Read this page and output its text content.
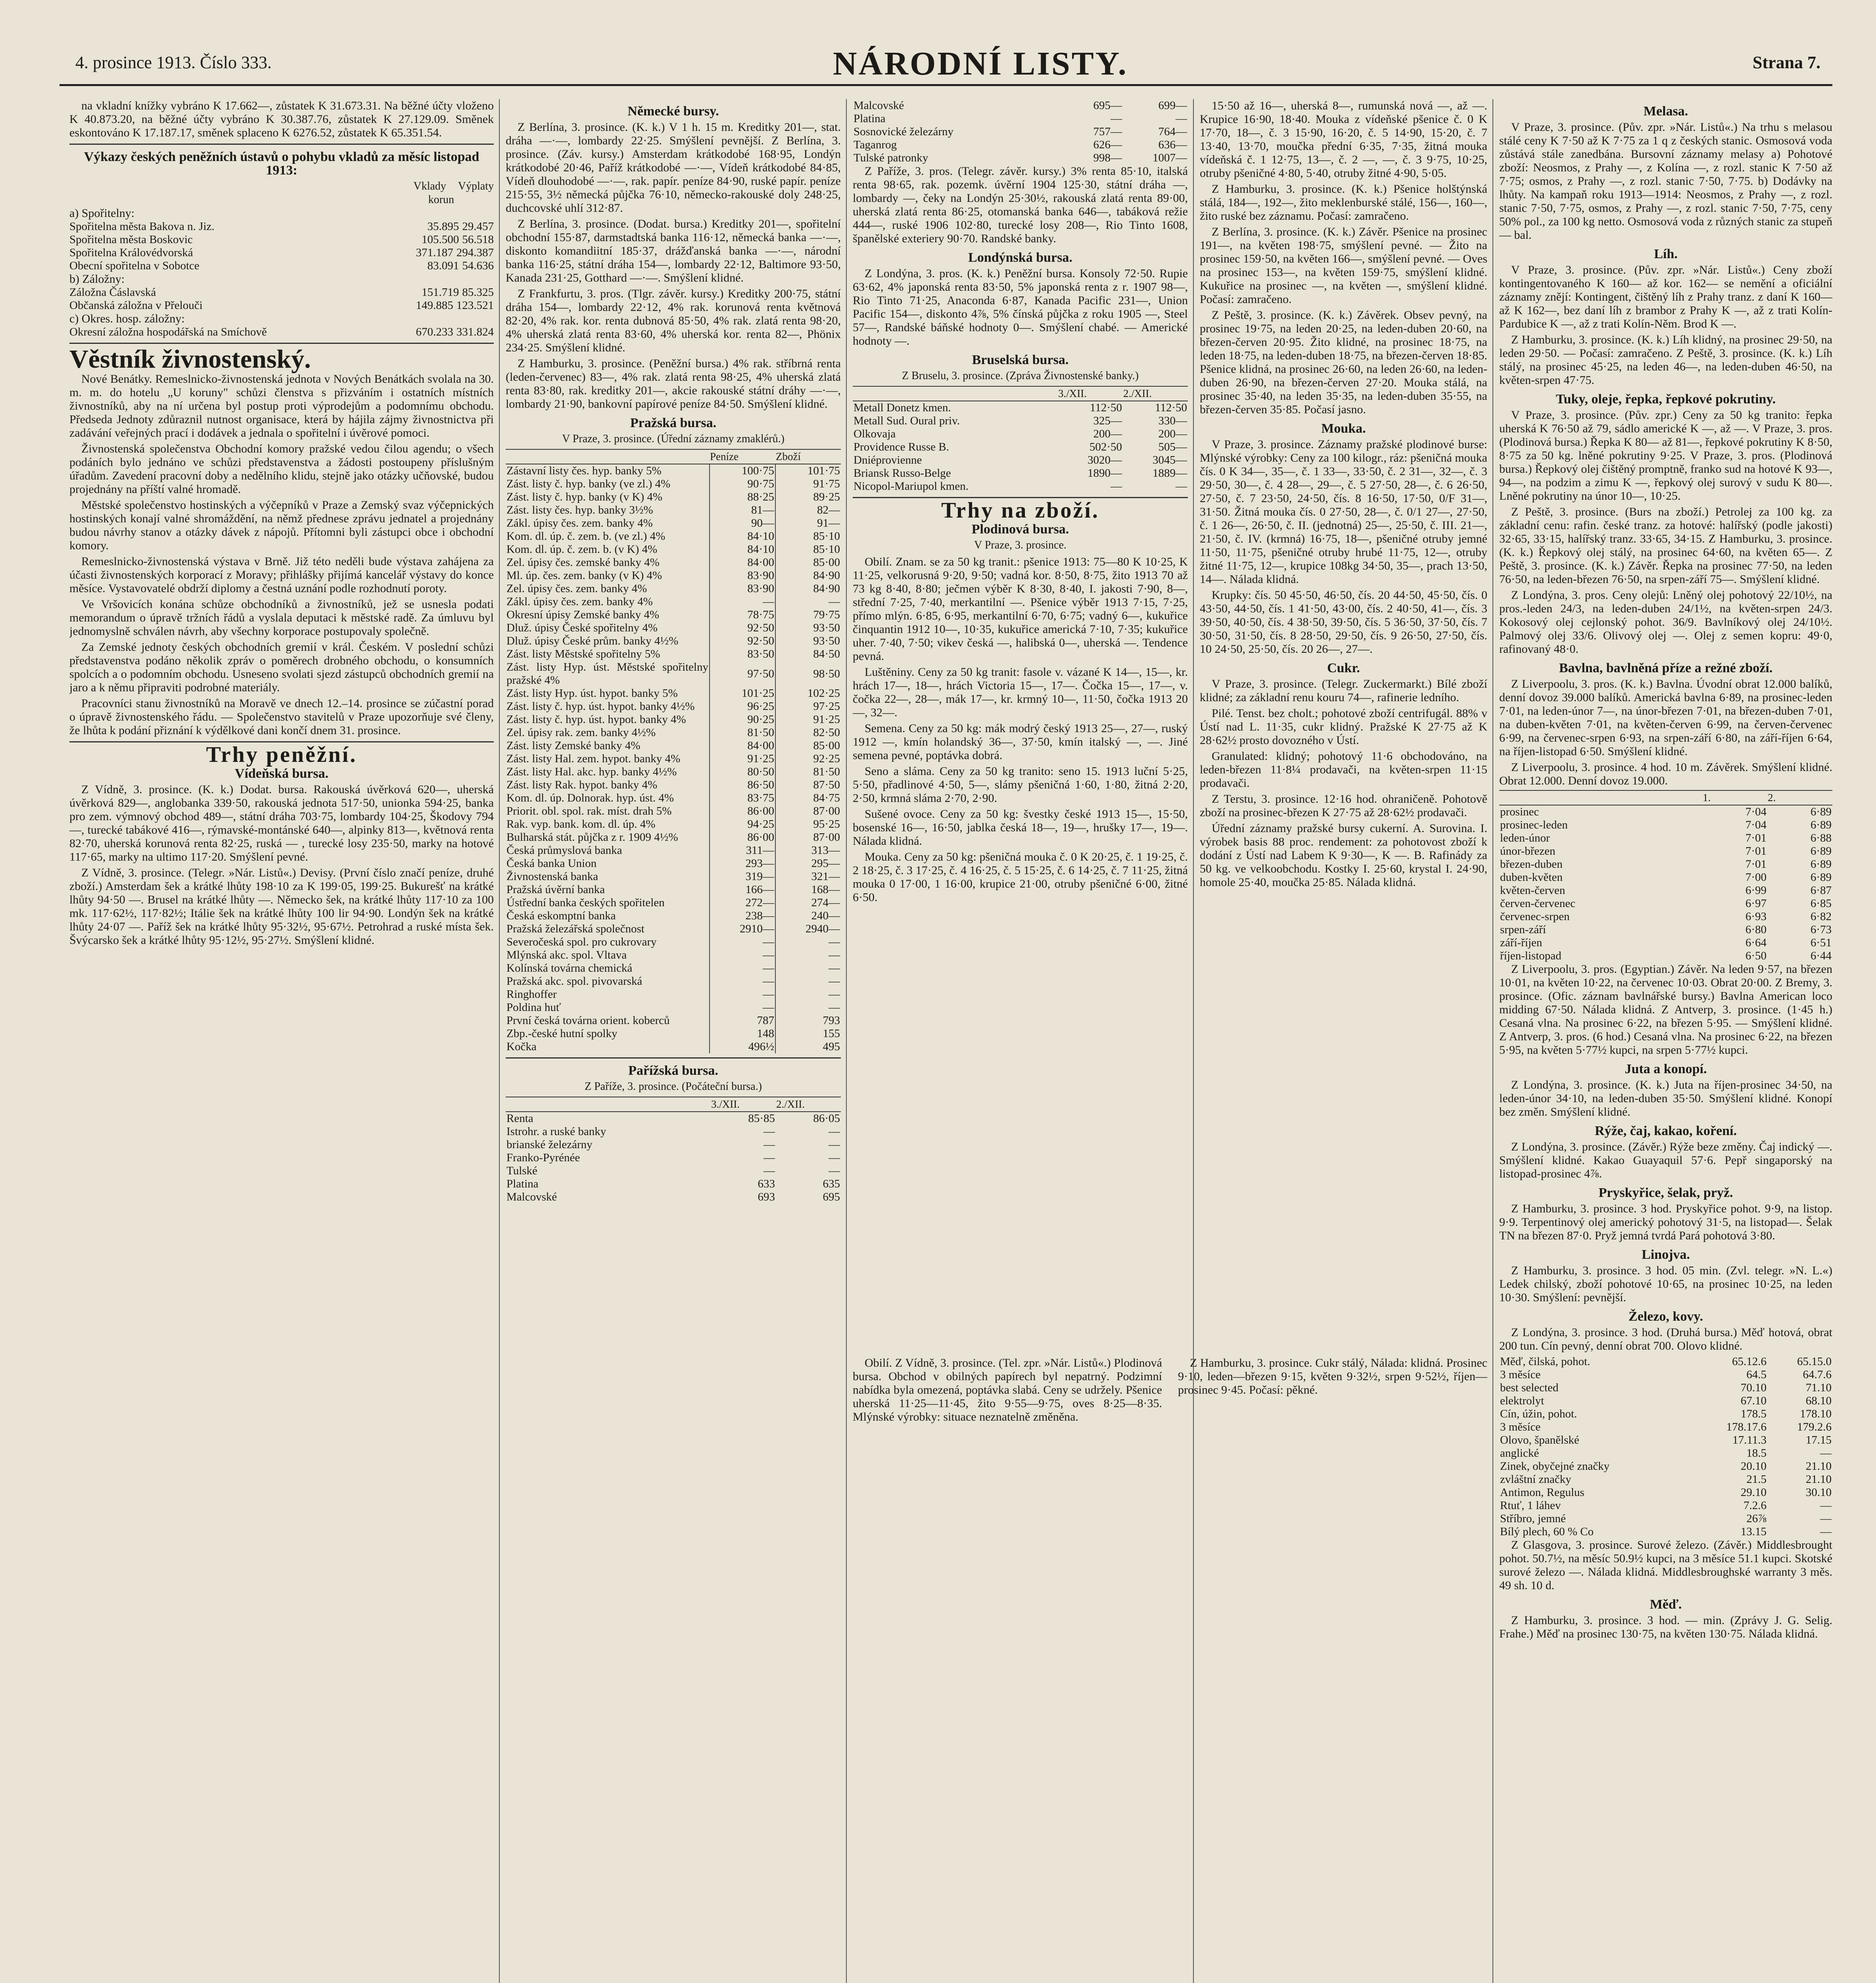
4. prosince 1913. Číslo 333.	NÁRODNÍ LISTY.	Strana 7.

na vkladní knížky vybráno K 17.662—, zůstatek K 31.673.31. Na běžné účty vloženo K 40.873.20, na běžné účty vybráno K 30.387.76, zůstatek K 27.129.09. Směnek eskontováno K 17.187.17, směnek splaceno K 6276.52, zůstatek K 65.351.54.

Výkazy českých peněžních ústavů o pohybu vkladů za měsíc listopad 1913:
Vklady Výplaty
korun
a) Spořitelny:
Spořitelna města Bakova n. Jiz.	35.895 29.457
Spořitelna města Boskovic	105.500 56.518
Spořitelna Královédvorská	371.187 294.387
Obecní spořitelna v Sobotce	83.091 54.636
b) Záložny:
Záložna Čáslavská	151.719 85.325
Občanská záložna v Přelouči	149.885 123.521
c) Okres. hosp. záložny:
Okresní záložna hospodářská na Smíchově	670.233 331.824
Věstník živnostenský.

Nové Benátky. Remeslnicko-živnostenská jednota v Nových Benátkách svolala na 30. m. m. do hotelu „U koruny" schůzi členstva s přizváním i ostatních místních živnostníků, aby na ní určena byl postup proti výprodejům a podomnímu obchodu. Předseda Jednoty zdůraznil nutnost organisace, která by hájila zájmy živnostnictva při zadávání veřejných prací i dodávek a jednala o spořitelní i úvěrové pomoci.

Živnostenská společenstva Obchodní komory pražské vedou čilou agendu; o všech podáních bylo jednáno ve schůzi představenstva a žádosti postoupeny příslušným úřadům. Zavedení pracovní doby a nedělního klidu, stejně jako otázky učňovské, budou projednány na příští valné hromadě.

Městské společenstvo hostinských a výčepníků v Praze a Zemský svaz výčepnických hostinských konají valné shromáždění, na němž přednese zprávu jednatel a projednány budou návrhy stanov a otázky dávek z nápojů. Přítomni byli zástupci obce i obchodní komory.

Remeslnicko-živnostenská výstava v Brně. Již této neděli bude výstava zahájena za účasti živnostenských korporací z Moravy; přihlášky přijímá kancelář výstavy do konce měsíce. Vystavovatelé obdrží diplomy a čestná uznání podle rozhodnutí poroty.

Ve Vršovicích konána schůze obchodníků a živnostníků, jež se usnesla podati memorandum o úpravě tržních řádů a vyslala deputaci k městské radě. Za úmluvu byl jednomyslně schválen návrh, aby všechny korporace postupovaly společně.

Za Zemské jednoty českých obchodních gremií v král. Českém. V poslední schůzi představenstva podáno několik zpráv o poměrech drobného obchodu, o konsumních spolcích a o podomním obchodu. Usneseno svolati sjezd zástupců obchodních gremií na jaro a k němu připraviti podrobné materiály.

Pracovníci stanu živnostníků na Moravě ve dnech 12.–14. prosince se zúčastní porad o úpravě živnostenského řádu. — Společenstvo stavitelů v Praze upozorňuje své členy, že lhůta k podání přiznání k výdělkové dani končí dnem 31. prosince.

Trhy peněžní.
Vídeňská bursa.

Z Vídně, 3. prosince. (K. k.) Dodat. bursa. Rakouská úvěrková 620—, uherská úvěrková 829—, anglobanka 339·50, rakouská jednota 517·50, unionka 594·25, banka pro zem. výmnový obchod 489—, státní dráha 703·75, lombardy 104·25, Škodovy 794—, turecké tabákové 416—, rýmavské-montánské 640—, alpinky 813—, květnová renta 82·70, uherská korunová renta 82·25, ruská — , turecké losy 235·50, marky na hotové 117·65, marky na ultimo 117·20. Smýšlení pevné.

Z Vídně, 3. prosince. (Telegr. »Nár. Listů«.) Devisy. (První číslo značí peníze, druhé zboží.) Amsterdam šek a krátké lhůty 198·10 za K 199·05, 199·25. Bukurešť na krátké lhůty 94·50 —. Brusel na krátké lhůty —. Německo šek, na krátké lhůty 117·10 za 100 mk. 117·62½, 117·82½; Itálie šek na krátké lhůty 100 lir 94·90. Londýn šek na krátké lhůty 24·07 —. Paříž šek na krátké lhůty 95·32½, 95·67½. Petrohrad a ruské místa šek. Švýcarsko šek a krátké lhůty 95·12½, 95·27½. Smýšlení klidné.

Německé bursy.

Z Berlína, 3. prosince. (K. k.) V 1 h. 15 m. Kreditky 201—, stat. dráha —·—, lombardy 22·25. Smýšlení pevnější. Z Berlína, 3. prosince. (Záv. kursy.) Amsterdam krátkodobé 168·95, Londýn krátkodobé 20·46, Paříž krátkodobé —·—, Vídeň krátkodobé 84·85, Vídeň dlouhodobé —·—, rak. papír. peníze 84·90, ruské papír. peníze 215·55, 3½ německá půjčka 76·10, německo-rakouské doly 248·25, duchcovské uhlí 312·87.

Z Berlína, 3. prosince. (Dodat. bursa.) Kreditky 201—, spořitelní obchodní 155·87, darmstadtská banka 116·12, německá banka —·—, diskonto komandiitní 185·37, drážďanská banka —·—, národní banka 116·25, státní dráha 154—, lombardy 22·12, Baltimore 93·50, Kanada 231·25, Gotthard —·—. Smýšlení klidné.

Z Frankfurtu, 3. pros. (Tlgr. závěr. kursy.) Kreditky 200·75, státní dráha 154—, lombardy 22·12, 4% rak. korunová renta květnová 82·20, 4% rak. kor. renta dubnová 85·50, 4% rak. zlatá renta 98·20, 4% uherská zlatá renta 83·60, 4% uherská kor. renta 82—, Phönix 234·25. Smýšlení klidné.

Z Hamburku, 3. prosince. (Peněžní bursa.) 4% rak. stříbrná renta (leden-červenec) 83—, 4% rak. zlatá renta 98·25, 4% uherská zlatá renta 83·80, rak. kreditky 201—, akcie rakouské státní dráhy —·—, lombardy 21·90, bankovní papírové peníze 84·50. Smýšlení klidné.

Pražská bursa.
V Praze, 3. prosince. (Úřední záznamy zmaklérů.)
	Peníze	Zboží
Zástavní listy čes. hyp. banky 5%	100·75	101·75
Zást. listy č. hyp. banky (ve zl.) 4%	90·75	91·75
Zást. listy č. hyp. banky (v K) 4%	88·25	89·25
Zást. listy čes. hyp. banky 3½%	81—	82—
Zákl. úpisy čes. zem. banky 4%	90—	91—
Kom. dl. úp. č. zem. b. (ve zl.) 4%	84·10	85·10
Kom. dl. úp. č. zem. b. (v K) 4%	84·10	85·10
Zel. úpisy čes. zemské banky 4%	84·00	85·00
Ml. úp. čes. zem. banky (v K) 4%	83·90	84·90
Zel. úpisy čes. zem. banky 4%	83·90	84·90
Zákl. úpisy čes. zem. banky 4%	—	—
Okresní úpisy Zemské banky 4%	78·75	79·75
Dluž. úpisy České spořitelny 4%	92·50	93·50
Dluž. úpisy České prům. banky 4½%	92·50	93·50
Zást. listy Městské spořitelny 5%	83·50	84·50
Zást. listy Hyp. úst. Městské spořitelny pražské 4%	97·50	98·50
Zást. listy Hyp. úst. hypot. banky 5%	101·25	102·25
Zást. listy č. hyp. úst. hypot. banky 4½%	96·25	97·25
Zást. listy č. hyp. úst. hypot. banky 4%	90·25	91·25
Zel. úpisy rak. zem. banky 4½%	81·50	82·50
Zást. listy Zemské banky 4%	84·00	85·00
Zást. listy Hal. zem. hypot. banky 4%	91·25	92·25
Zást. listy Hal. akc. hyp. banky 4½%	80·50	81·50
Zást. listy Rak. hypot. banky 4%	86·50	87·50
Kom. dl. úp. Dolnorak. hyp. úst. 4%	83·75	84·75
Priorit. obl. spol. rak. míst. drah 5%	86·00	87·00
Rak. vyp. bank. kom. dl. úp. 4%	94·25	95·25
Bulharská stát. půjčka z r. 1909 4½%	86·00	87·00
Česká průmyslová banka	311—	313—
Česká banka Union	293—	295—
Živnostenská banka	319—	321—
Pražská úvěrní banka	166—	168—
Ústřední banka českých spořitelen	272—	274—
Česká eskomptní banka	238—	240—
Pražská železářská společnost	2910—	2940—
Severočeská spol. pro cukrovary	—	—
Mlýnská akc. spol. Vltava	—	—
Kolínská továrna chemická	—	—
Pražská akc. spol. pivovarská	—	—
Ringhoffer	—	—
Poldina huť	—	—
První česká továrna orient. koberců	787	793
Zbp.-české hutní spolky	148	155
Kočka	496½	495
Pařížská bursa.
Z Paříže, 3. prosince. (Počáteční bursa.)
	3./XII.	2./XII.
Renta	85·85	86·05
Istrohr. a ruské banky	—	—
brianské železárny	—	—
Franko-Pyrénée	—	—
Tulské	—	—
Platina	633	635
Malcovské	693	695
Malcovské	695—	699—
Platina	—	—
Sosnovické železárny	757—	764—
Taganrog	626—	636—
Tulské patronky	998—	1007—

Z Paříže, 3. pros. (Telegr. závěr. kursy.) 3% renta 85·10, italská renta 98·65, rak. pozemk. úvěrní 1904 125·30, státní dráha —, lombardy —, čeky na Londýn 25·30½, rakouská zlatá renta 89·00, uherská zlatá renta 86·25, otomanská banka 646—, tabáková režie 444—, ruské 1906 102·80, turecké losy 208—, Rio Tinto 1608, španělské exteriery 90·70. Randské banky.

Londýnská bursa.

Z Londýna, 3. pros. (K. k.) Peněžní bursa. Konsoly 72·50. Rupie 63·62, 4% japonská renta 83·50, 5% japonská renta z r. 1907 98—, Rio Tinto 71·25, Anaconda 6·87, Kanada Pacific 231—, Union Pacific 154—, diskonto 4⅞, 5% čínská půjčka z roku 1905 —, Steel 57—, Randské báňské hodnoty 0—. Smýšlení chabé. — Americké hodnoty —.

Bruselská bursa.
Z Bruselu, 3. prosince. (Zpráva Živnostenské banky.)
	3./XII.	2./XII.
Metall Donetz kmen.	112·50	112·50
Metall Sud. Oural priv.	325—	330—
Olkovaja	200—	200—
Providence Russe B.	502·50	505—
Dniéprovienne	3020—	3045—
Briansk Russo-Belge	1890—	1889—
Nicopol-Mariupol kmen.	—	—
Trhy na zboží.
Plodinová bursa.
V Praze, 3. prosince.

Obilí. Znam. se za 50 kg tranit.: pšenice 1913: 75—80 K 10·25, K 11·25, velkorusná 9·20, 9·50; vadná kor. 8·50, 8·75, žito 1913 70 až 73 kg 8·40, 8·80; ječmen výběr K 8·30, 8·40, I. jakosti 7·90, 8—, střední 7·25, 7·40, merkantilní —. Pšenice výběr 1913 7·15, 7·25, přímo mlýn. 6·85, 6·95, merkantilní 6·70, 6·75; vadný 6—, kukuřice činquantin 1912 10—, 10·35, kukuřice americká 7·10, 7·35; kukuřice uher. 7·40, 7·50; vikev česká —, halibská 0—, uherská —. Tendence pevná.

Luštěniny. Ceny za 50 kg tranit: fasole v. vázané K 14—, 15—, kr. hrách 17—, 18—, hrách Victoria 15—, 17—. Čočka 15—, 17—, v. čočka 22—, 28—, mák 17—, kr. krmný 10—, 11·50, čočka 1913 20—, 32—.

Semena. Ceny za 50 kg: mák modrý český 1913 25—, 27—, ruský 1912 —, kmín holandský 36—, 37·50, kmín italský —, —. Jiné semena pevné, poptávka dobrá.

Seno a sláma. Ceny za 50 kg tranito: seno 15. 1913 luční 5·25, 5·50, přadlinové 4·50, 5—, slámy pšeničná 1·60, 1·80, žitná 2·20, 2·50, krmná sláma 2·70, 2·90.

Sušené ovoce. Ceny za 50 kg: švestky české 1913 15—, 15·50, bosenské 16—, 16·50, jablka česká 18—, 19—, hrušky 17—, 19—. Nálada klidná.

Mouka. Ceny za 50 kg: pšeničná mouka č. 0 K 20·25, č. 1 19·25, č. 2 18·25, č. 3 17·25, č. 4 16·25, č. 5 15·25, č. 6 14·25, č. 7 11·25, žitná mouka 0 17·00, 1 16·00, krupice 21·00, otruby pšeničné 6·00, žitné 6·50.

15·50 až 16—, uherská 8—, rumunská nová —, až —. Krupice 16·90, 18·40. Mouka z vídeňské pšenice č. 0 K 17·70, 18—, č. 3 15·90, 16·20, č. 5 14·90, 15·20, č. 7 13·40, 13·70, moučka přední 6·35, 7·35, žitná mouka vídeňská č. 1 12·75, 13—, č. 2 —, —, č. 3 9·75, 10·25, otruby pšeničné 4·80, 5·40, otruby žitné 4·90, 5·05.

Z Hamburku, 3. prosince. (K. k.) Pšenice holštýnská stálá, 184—, 192—, žito meklenburské stálé, 156—, 160—, žito ruské bez záznamu. Počasí: zamračeno.

Z Berlína, 3. prosince. (K. k.) Závěr. Pšenice na prosinec 191—, na květen 198·75, smýšlení pevné. — Žito na prosinec 159·50, na květen 166—, smýšlení pevné. — Oves na prosinec 153—, na květen 159·75, smýšlení klidné. Kukuřice na prosinec —, na květen —, smýšlení klidné. Počasí: zamračeno.

Z Peště, 3. prosince. (K. k.) Závěrek. Obsev pevný, na prosinec 19·75, na leden 20·25, na leden-duben 20·60, na březen-červen 20·95. Žito klidné, na prosinec 18·75, na leden 18·75, na leden-duben 18·75, na březen-červen 18·85. Pšenice klidná, na prosinec 26·60, na leden 26·60, na leden-duben 26·90, na březen-červen 27·20. Mouka stálá, na prosinec 35·40, na leden 35·35, na leden-duben 35·55, na březen-červen 35·85. Počasí jasno.

Mouka.

V Praze, 3. prosince. Záznamy pražské plodinové burse: Mlýnské výrobky: Ceny za 100 kilogr., ráz: pšeničná mouka čís. 0 K 34—, 35—, č. 1 33—, 33·50, č. 2 31—, 32—, č. 3 29·50, 30—, č. 4 28—, 29—, č. 5 27·50, 28—, č. 6 26·50, 27·50, č. 7 23·50, 24·50, čís. 8 16·50, 17·50, 0/F 31—, 31·50. Žitná mouka čís. 0 27·50, 28—, č. 0/1 27—, 27·50, č. 1 26—, 26·50, č. II. (jednotná) 25—, 25·50, č. III. 21—, 21·50, č. IV. (krmná) 16·75, 18—, pšeničné otruby jemné 11·50, 11·75, pšeničné otruby hrubé 11·75, 12—, otruby žitné 11·75, 12—, krupice 108kg 34·50, 35—, prach 13·50, 14—. Nálada klidná.

Krupky: čís. 50 45·50, 46·50, čís. 20 44·50, 45·50, čís. 0 43·50, 44·50, čís. 1 41·50, 43·00, čís. 2 40·50, 41—, čís. 3 39·50, 40·50, čís. 4 38·50, 39·50, čís. 5 36·50, 37·50, čís. 7 30·50, 31·50, čís. 8 28·50, 29·50, čís. 9 26·50, 27·50, čís. 10 24·50, 25·50, čís. 20 26—, 27—.

Cukr.

V Praze, 3. prosince. (Telegr. Zuckermarkt.) Bílé zboží klidné; za základní renu kouru 74—, rafinerie ledního.

Pilé. Tenst. bez cholt.; pohotové zboží centrifugál. 88% v Ústí nad L. 11·35, cukr klidný. Pražské K 27·75 až K 28·62½ prosto dovozného v Ústí.

Granulated: klidný; pohotový 11·6 obchodováno, na leden-březen 11·8¼ prodavači, na květen-srpen 11·15 prodavači.

Z Terstu, 3. prosince. 12·16 hod. ohraničeně. Pohotově zboží na prosinec-březen K 27·75 až 28·62½ prodavači.

Úřední záznamy pražské bursy cukerní. A. Surovina. I. výrobek basis 88 proc. rendement: za pohotovost zboží k dodání z Ústí nad Labem K 9·30—, K —. B. Rafinády za 50 kg. ve velkoobchodu. Kostky I. 25·60, krystal I. 24·90, homole 25·40, moučka 25·85. Nálada klidná.

Obilí. Z Vídně, 3. prosince. (Tel. zpr. »Nár. Listů«.) Plodinová bursa. Obchod v obilných papírech byl nepatrný. Podzimní nabídka byla omezená, poptávka slabá. Ceny se udržely. Pšenice uherská 11·25—11·45, žito 9·55—9·75, oves 8·25—8·35. Mlýnské výrobky: situace neznatelně změněna.

Z Hamburku, 3. prosince. Cukr stálý, Nálada: klidná. Prosinec 9·10, leden—březen 9·15, květen 9·32½, srpen 9·52½, říjen—prosinec 9·45. Počasí: pěkné.

Melasa.

V Praze, 3. prosince. (Pův. zpr. »Nár. Listů«.) Na trhu s melasou stálé ceny K 7·50 až K 7·75 za 1 q z českých stanic. Osmosová voda zůstává stále zanedbána. Bursovní záznamy melasy a) Pohotové zboží: Neosmos, z Prahy —, z Kolína —, z rozl. stanic K 7·50 až 7·75; osmos, z Prahy —, z rozl. stanic 7·50, 7·75. b) Dodávky na lhůty. Na kampaň roku 1913—1914: Neosmos, z Prahy —, z rozl. stanic 7·50, 7·75, osmos, z Prahy —, z rozl. stanic 7·50, 7·75, ceny 50% pol., za 100 kg netto. Osmosová voda z různých stanic za stupeň — bal.

Líh.

V Praze, 3. prosince. (Pův. zpr. »Nár. Listů«.) Ceny zboží kontingentovaného K 160— až kor. 162— se nemění a oficiální záznamy znějí: Kontingent, čištěný líh z Prahy tranz. z daní K 160— až K 162—, bez daní líh z brambor z Prahy K —, až z trati Kolín-Pardubice K —, až z trati Kolín-Něm. Brod K —.

Z Hamburku, 3. prosince. (K. k.) Líh klidný, na prosinec 29·50, na leden 29·50. — Počasí: zamračeno. Z Peště, 3. prosince. (K. k.) Líh stálý, na prosinec 45·25, na leden 46—, na leden-duben 46·50, na květen-srpen 47·75.

Tuky, oleje, řepka, řepkové pokrutiny.

V Praze, 3. prosince. (Pův. zpr.) Ceny za 50 kg tranito: řepka uherská K 76·50 až 79, sádlo americké K —, až —. V Praze, 3. pros. (Plodinová bursa.) Řepka K 80— až 81—, řepkové pokrutiny K 8·50, 8·75 za 50 kg. lněné pokrutiny 9·25. V Praze, 3. pros. (Plodinová bursa.) Řepkový olej čištěný promptně, franko sud na hotové K 93—, 94—, na podzim a zimu K —, řepkový olej surový v sudu K 80—. Lněné pokrutiny na únor 10—, 10·25.

Z Peště, 3. prosince. (Burs na zboží.) Petrolej za 100 kg. za základní cenu: rafin. české tranz. za hotové: halířský (podle jakosti) 32·65, 33·15, halířský tranz. 33·65, 34·15. Z Hamburku, 3. prosince. (K. k.) Řepkový olej stálý, na prosinec 64·60, na květen 65—. Z Peště, 3. prosince. (K. k.) Závěr. Řepka na prosinec 77·50, na leden 76·50, na leden-březen 76·50, na srpen-září 75—. Smýšlení klidné.

Z Londýna, 3. pros. Ceny olejů: Lněný olej pohotový 22/10½, na pros.-leden 24/3, na leden-duben 24/1½, na květen-srpen 24/3. Kokosový olej cejlonský pohot. 36/9. Bavlníkový olej 24/10½. Palmový olej 33/6. Olivový olej —. Olej z semen kopru: 49·0, rafinovaný 48·0.

Bavlna, bavlněná příze a režné zboží.

Z Liverpoolu, 3. pros. (K. k.) Bavlna. Úvodní obrat 12.000 balíků, denní dovoz 39.000 balíků. Americká bavlna 6·89, na prosinec-leden 7·01, na leden-únor 7—, na únor-březen 7·01, na březen-duben 7·01, na duben-květen 7·01, na květen-červen 6·99, na červen-červenec 6·99, na červenec-srpen 6·93, na srpen-září 6·80, na září-říjen 6·64, na říjen-listopad 6·50. Smýšlení klidné.

Z Liverpoolu, 3. prosince. 4 hod. 10 m. Závěrek. Smýšlení klidné. Obrat 12.000. Denní dovoz 19.000.

	1.	2.
prosinec	7·04	6·89
prosinec-leden	7·04	6·89
leden-únor	7·01	6·88
únor-březen	7·01	6·89
březen-duben	7·01	6·89
duben-květen	7·00	6·89
květen-červen	6·99	6·87
červen-červenec	6·97	6·85
červenec-srpen	6·93	6·82
srpen-září	6·80	6·73
září-říjen	6·64	6·51
říjen-listopad	6·50	6·44

Z Liverpoolu, 3. pros. (Egyptian.) Závěr. Na leden 9·57, na březen 10·01, na květen 10·22, na červenec 10·03. Obrat 20·00. Z Bremy, 3. prosince. (Ofic. záznam bavlnářské bursy.) Bavlna American loco midding 67·50. Nálada klidná. Z Antverp, 3. prosince. (1·45 h.) Cesaná vlna. Na prosinec 6·22, na březen 5·95. — Smýšlení klidné. Z Antverp, 3. pros. (6 hod.) Cesaná vlna. Na prosinec 6·22, na březen 5·95, na květen 5·77½ kupci, na srpen 5·77½ kupci.

Juta a konopí.

Z Londýna, 3. prosince. (K. k.) Juta na říjen-prosinec 34·50, na leden-únor 34·10, na leden-duben 35·50. Smýšlení klidné. Konopí bez změn. Smýšlení klidné.

Rýže, čaj, kakao, koření.

Z Londýna, 3. prosince. (Závěr.) Rýže beze změny. Čaj indický —. Smýšlení klidné. Kakao Guayaquil 57·6. Pepř singaporský na listopad-prosinec 4⅞.

Pryskyřice, šelak, pryž.

Z Hamburku, 3. prosince. 3 hod. Pryskyřice pohot. 9·9, na listop. 9·9. Terpentinový olej americký pohotový 31·5, na listopad—. Šelak TN na březen 87·0. Pryž jemná tvrdá Pará pohotová 3·80.

Linojva.

Z Hamburku, 3. prosince. 3 hod. 05 min. (Zvl. telegr. »N. L.«) Ledek chilský, zboží pohotové 10·65, na prosinec 10·25, na leden 10·30. Smýšlení: pevnější.

Železo, kovy.

Z Londýna, 3. prosince. 3 hod. (Druhá bursa.) Měď hotová, obrat 200 tun. Cín pevný, denní obrat 700. Olovo klidné.

Měď, čilská, pohot.	65.12.6	65.15.0
3 měsíce	64.5	64.7.6
best selected	70.10	71.10
elektrolyt	67.10	68.10
Cín, úžin, pohot.	178.5	178.10
3 měsíce	178.17.6	179.2.6
Olovo, španělské	17.11.3	17.15
anglické	18.5	—
Zinek, obyčejné značky	20.10	21.10
zvláštní značky	21.5	21.10
Antimon, Regulus	29.10	30.10
Rtuť, 1 láhev	7.2.6	—
Stříbro, jemné	26⅞	—
Bílý plech, 60 % Co	13.15	—

Z Glasgova, 3. prosince. Surové železo. (Závěr.) Middlesbrought pohot. 50.7½, na měsíc 50.9½ kupci, na 3 měsíce 51.1 kupci. Skotské surové železo —. Nálada klidná. Middlesbroughské warranty 3 měs. 49 sh. 10 d.

Měď.

Z Hamburku, 3. prosince. 3 hod. — min. (Zprávy J. G. Selig. Frahe.) Měď na prosinec 130·75, na květen 130·75. Nálada klidná.
